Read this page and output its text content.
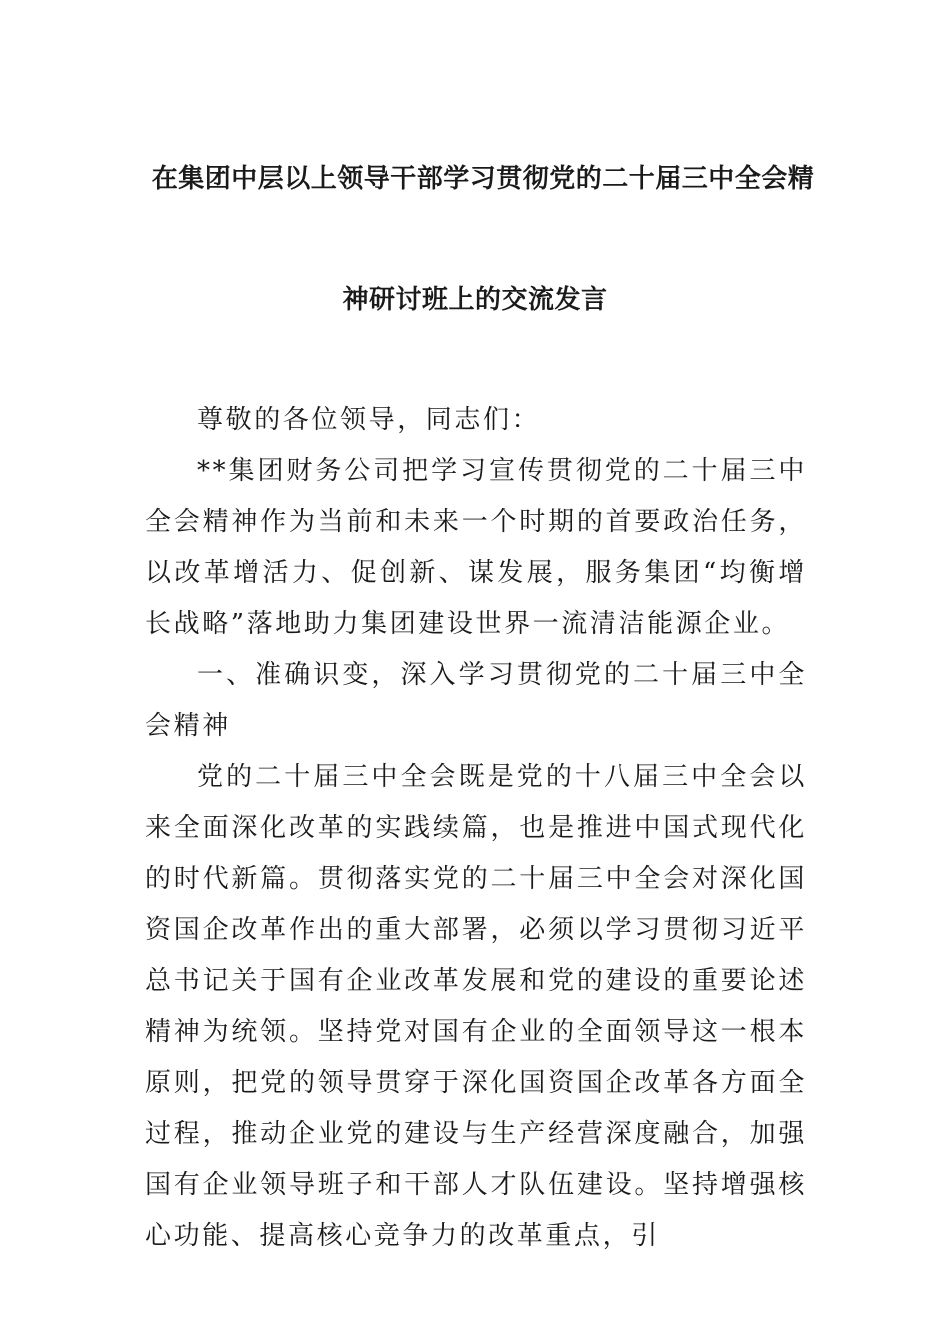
在集团中层以上领导干部学习贯彻党的二十届三中全会精
神研讨班上的交流发言

尊敬的各位领导，同志们：

**集团财务公司把学习宣传贯彻党的二十届三中全会精神作为当前和未来一个时期的首要政治任务，以改革增活力、促创新、谋发展，服务集团“均衡增长战略”落地助力集团建设世界一流清洁能源企业。

一、准确识变，深入学习贯彻党的二十届三中全会精神

党的二十届三中全会既是党的十八届三中全会以来全面深化改革的实践续篇，也是推进中国式现代化的时代新篇。贯彻落实党的二十届三中全会对深化国资国企改革作出的重大部署，必须以学习贯彻习近平总书记关于国有企业改革发展和党的建设的重要论述精神为统领。坚持党对国有企业的全面领导这一根本原则，把党的领导贯穿于深化国资国企改革各方面全过程，推动企业党的建设与生产经营深度融合，加强国有企业领导班子和干部人才队伍建设。坚持增强核心功能、提高核心竞争力的改革重点，引
